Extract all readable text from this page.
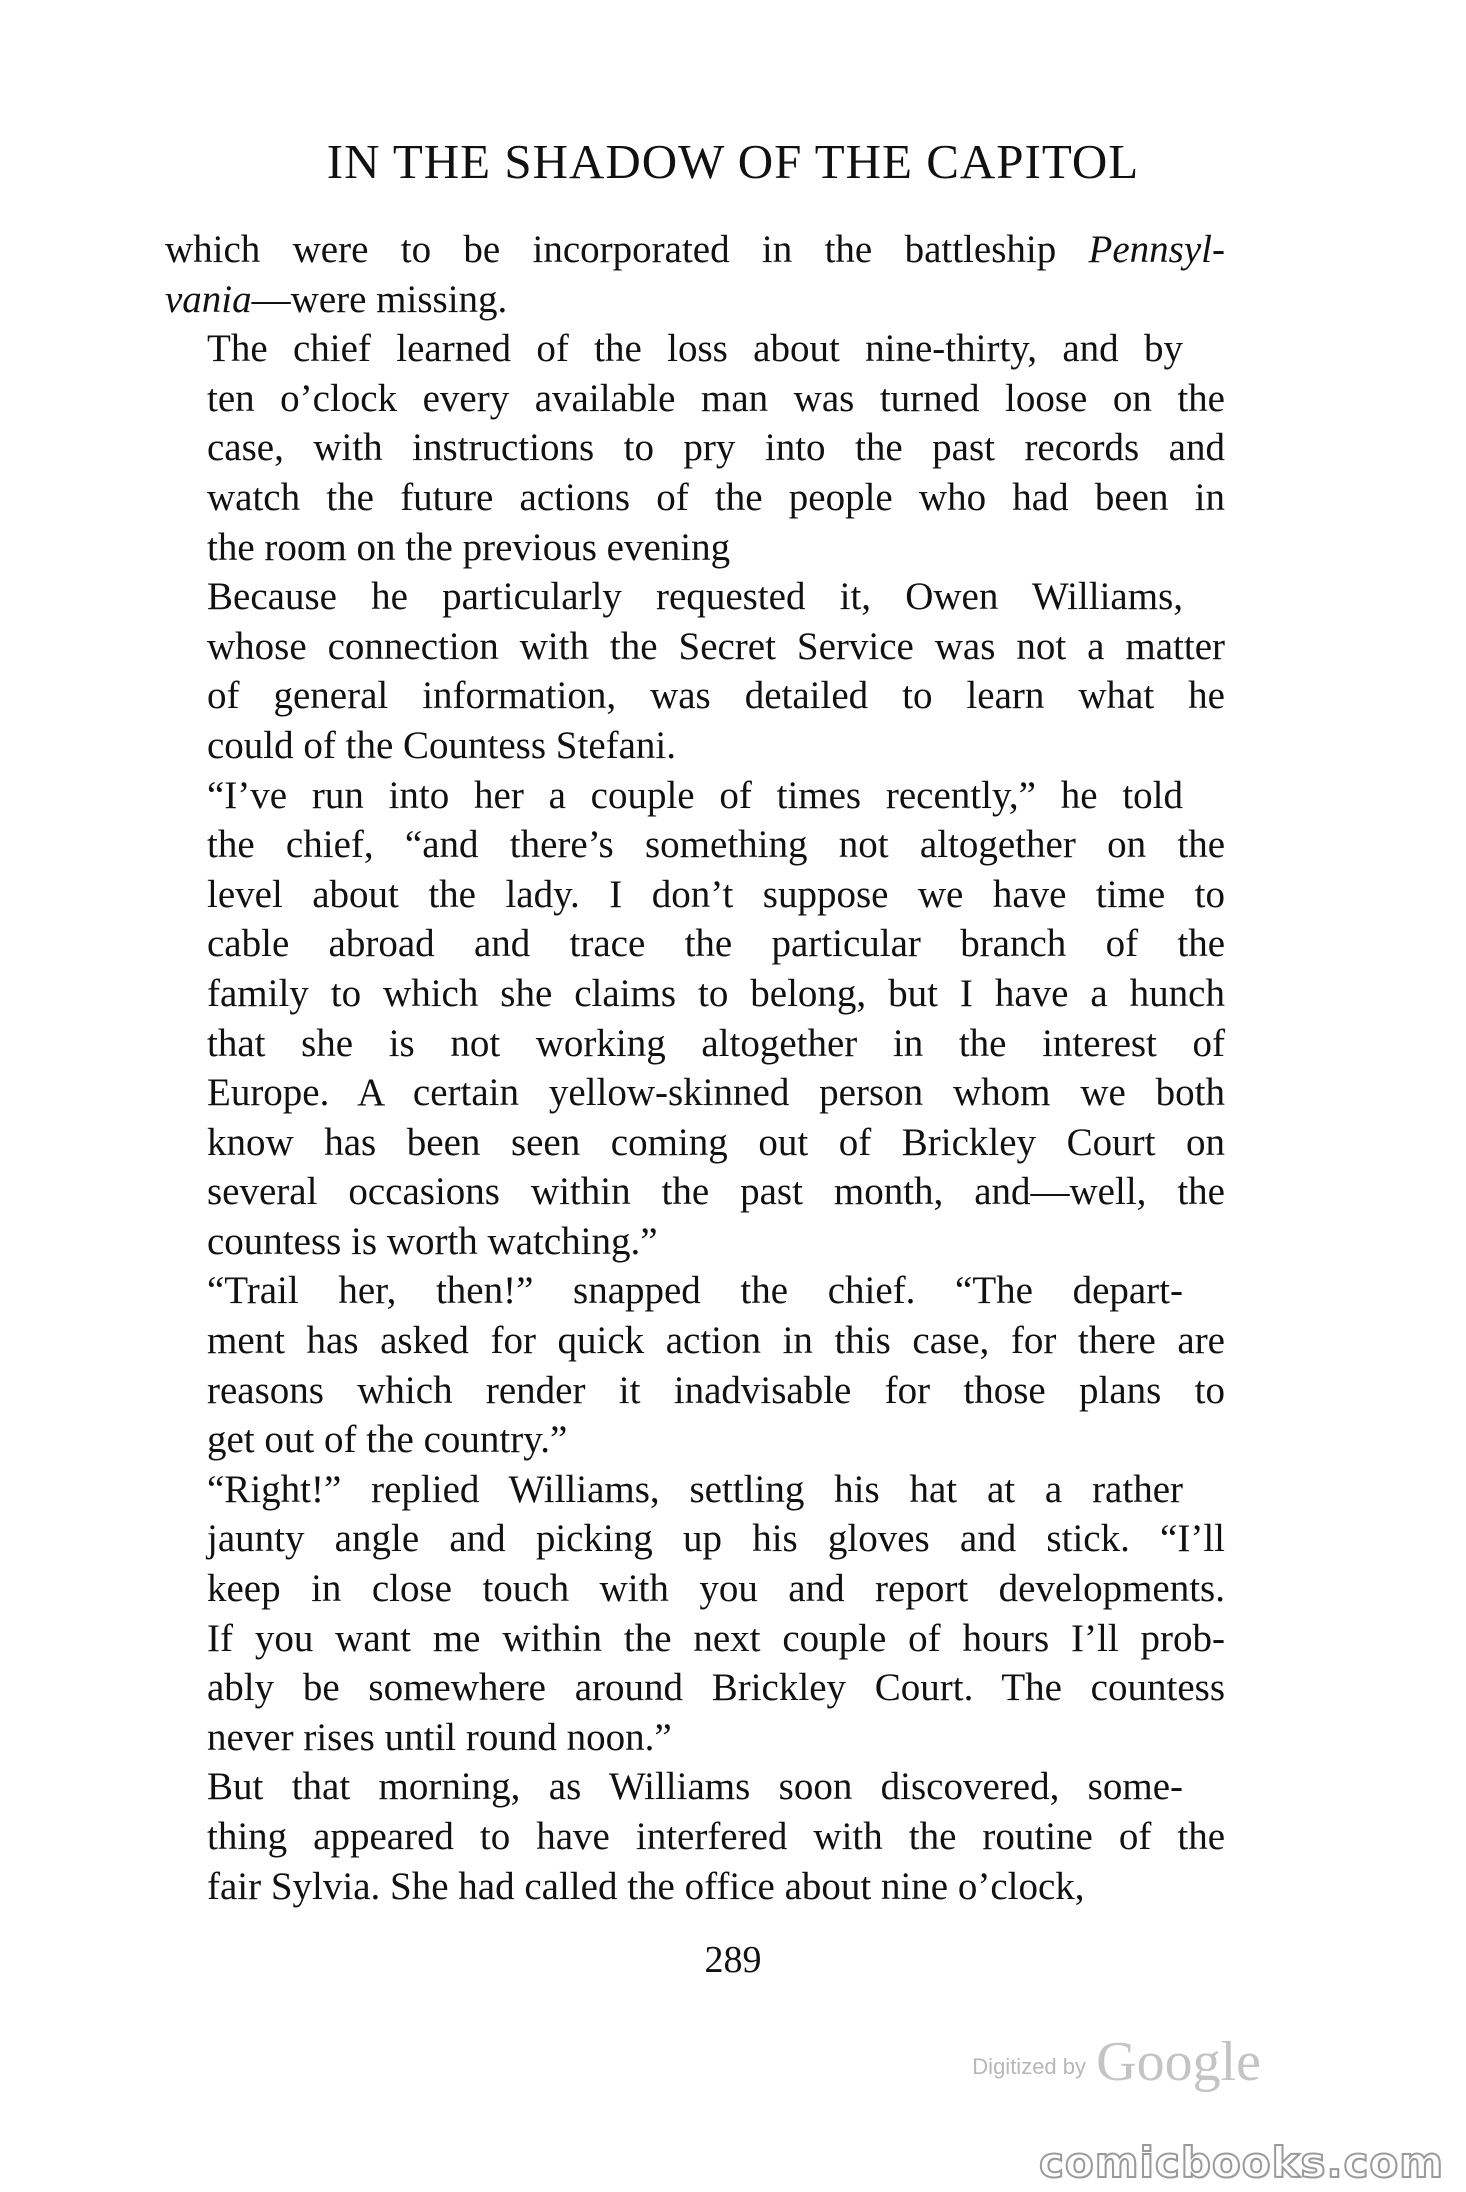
IN THE SHADOW OF THE CAPITOL

which were to be incorporated in the battleship Pennsyl-
vania—were missing.

The chief learned of the loss about nine-thirty, and by
ten o’clock every available man was turned loose on the
case, with instructions to pry into the past records and
watch the future actions of the people who had been in
the room on the previous evening

Because he particularly requested it, Owen Williams,
whose connection with the Secret Service was not a matter
of general information, was detailed to learn what he
could of the Countess Stefani.

“I’ve run into her a couple of times recently,” he told
the chief, “and there’s something not altogether on the
level about the lady. I don’t suppose we have time to
cable abroad and trace the particular branch of the
family to which she claims to belong, but I have a hunch
that she is not working altogether in the interest of
Europe. A certain yellow-skinned person whom we both
know has been seen coming out of Brickley Court on
several occasions within the past month, and—well, the
countess is worth watching.”

“Trail her, then!” snapped the chief. “The depart-
ment has asked for quick action in this case, for there are
reasons which render it inadvisable for those plans to
get out of the country.”

“Right!” replied Williams, settling his hat at a rather
jaunty angle and picking up his gloves and stick. “I’ll
keep in close touch with you and report developments.
If you want me within the next couple of hours I’ll prob-
ably be somewhere around Brickley Court. The countess
never rises until round noon.”

But that morning, as Williams soon discovered, some-
thing appeared to have interfered with the routine of the
fair Sylvia. She had called the office about nine o’clock,

289
Digitized by Google
comicbooks.com
